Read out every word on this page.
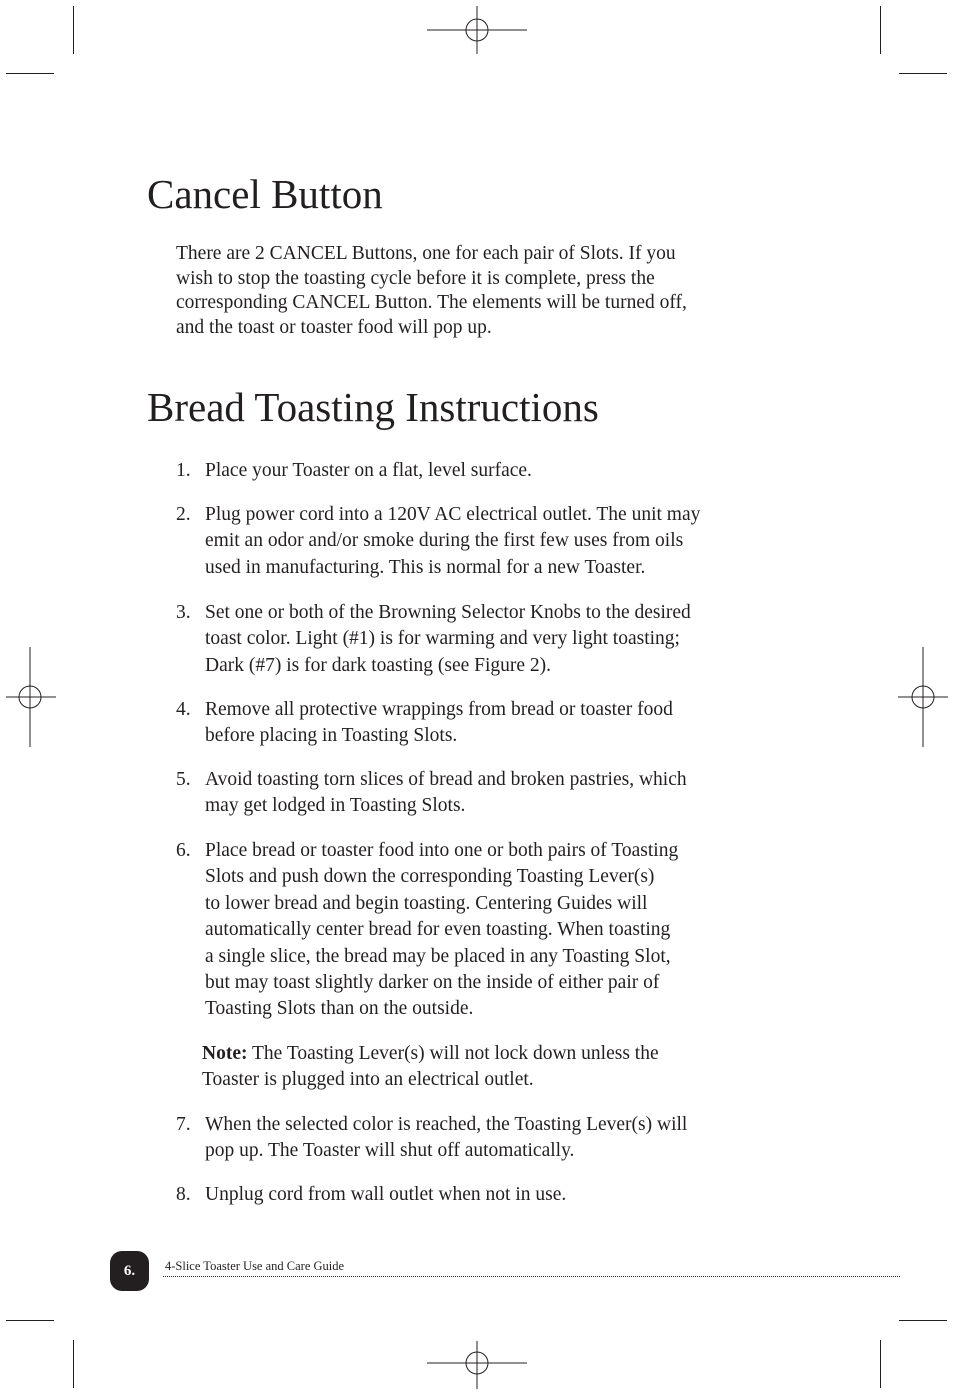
Cancel Button

There are 2 CANCEL Buttons, one for each pair of Slots. If you
wish to stop the toasting cycle before it is complete, press the
corresponding CANCEL Button. The elements will be turned off,
and the toast or toaster food will pop up.

Bread Toasting Instructions
1. Place your Toaster on a flat, level surface.
2. Plug power cord into a 120V AC electrical outlet. The unit may
emit an odor and/or smoke during the first few uses from oils
used in manufacturing. This is normal for a new Toaster.
3. Set one or both of the Browning Selector Knobs to the desired
toast color. Light (#1) is for warming and very light toasting;
Dark (#7) is for dark toasting (see Figure 2).
4. Remove all protective wrappings from bread or toaster food
before placing in Toasting Slots.
5. Avoid toasting torn slices of bread and broken pastries, which
may get lodged in Toasting Slots.
6. Place bread or toaster food into one or both pairs of Toasting
Slots and push down the corresponding Toasting Lever(s)
to lower bread and begin toasting. Centering Guides will
automatically center bread for even toasting. When toasting
a single slice, the bread may be placed in any Toasting Slot,
but may toast slightly darker on the inside of either pair of
Toasting Slots than on the outside.
7. When the selected color is reached, the Toasting Lever(s) will
pop up. The Toaster will shut off automatically.
8. Unplug cord from wall outlet when not in use.
Note: The Toasting Lever(s) will not lock down unless the
Toaster is plugged into an electrical outlet.
6.	4-Slice Toaster Use and Care Guide
